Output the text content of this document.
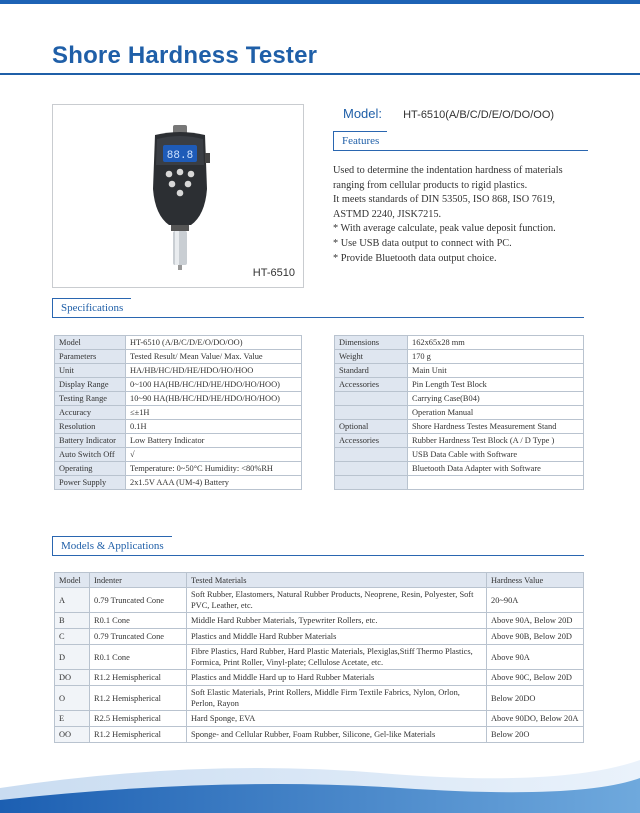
Shore Hardness Tester
88.8
HT-6510
Model: HT-6510(A/B/C/D/E/O/DO/OO)
Features

Used to determine the indentation hardness of materials

ranging from cellular products to rigid plastics.

It meets standards of DIN 53505, ISO 868, ISO 7619,

ASTMD 2240, JISK7215.

* With average calculate, peak value deposit function.

* Use USB data output to connect with PC.

* Provide Bluetooth data output choice.

Specifications
Model	HT-6510 (A/B/C/D/E/O/DO/OO)
Parameters	Tested Result/ Mean Value/ Max. Value
Unit	HA/HB/HC/HD/HE/HDO/HO/HOO
Display Range	0~100 HA(HB/HC/HD/HE/HDO/HO/HOO)
Testing Range	10~90 HA(HB/HC/HD/HE/HDO/HO/HOO)
Accuracy	≤±1H
Resolution	0.1H
Battery Indicator	Low Battery Indicator
Auto Switch Off	√
Operating	Temperature: 0~50°C Humidity: <80%RH
Power Supply	2x1.5V AAA (UM-4) Battery
Dimensions	162x65x28 mm
Weight	170 g
Standard	Main Unit
Accessories	Pin Length Test Block
	Carrying Case(B04)
	Operation Manual
Optional	Shore Hardness Testes Measurement Stand
Accessories	Rubber Hardness Test Block (A / D Type )
	USB Data Cable with Software
	Bluetooth Data Adapter with Software

Models & Applications
Model	Indenter	Tested Materials	Hardness Value
A	0.79 Truncated Cone	Soft Rubber, Elastomers, Natural Rubber Products, Neoprene, Resin, Polyester, Soft PVC, Leather, etc.	20~90A
B	R0.1 Cone	Middle Hard Rubber Materials, Typewriter Rollers, etc.	Above 90A, Below 20D
C	0.79 Truncated Cone	Plastics and Middle Hard Rubber Materials	Above 90B, Below 20D
D	R0.1 Cone	Fibre Plastics, Hard Rubber, Hard Plastic Materials, Plexiglas,Stiff Thermo Plastics, Formica, Print Roller, Vinyl-plate; Cellulose Acetate, etc.	Above 90A
DO	R1.2 Hemispherical	Plastics and Middle Hard up to Hard Rubber Materials	Above 90C, Below 20D
O	R1.2 Hemispherical	Soft Elastic Materials, Print Rollers, Middle Firm Textile Fabrics, Nylon, Orlon, Perlon, Rayon	Below 20DO
E	R2.5 Hemispherical	Hard Sponge, EVA	Above 90DO, Below 20A
OO	R1.2 Hemispherical	Sponge- and Cellular Rubber, Foam Rubber, Silicone, Gel-like Materials	Below 20O
